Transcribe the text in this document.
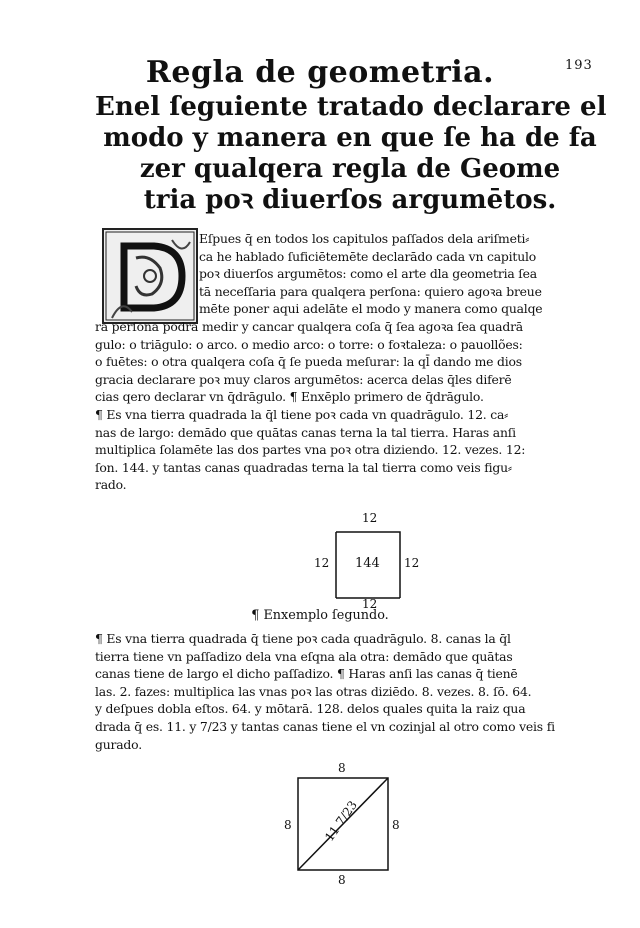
193
Regla de geometria.
Enel ſeguiente tratado declarare el
modo y manera en que ſe ha de fa
zer qualqera regla de Geome
tria poꝛ diuerſos argumētos.
Eſpues q̄ en todos los capitulos paſſados dela ariſmeti⸗
ca he hablado ſuficiētemēte declarādo cada vn capitulo
poꝛ diuerſos argumētos: como el arte dla geometria ſea
tā neceſſaria para qualqera perſona: quiero agoꝛa breue
mēte poner aqui adelāte el modo y manera como qualqe
ra perſona podra medir y cancar qualqera coſa q̄ ſea agoꝛa ſea quadrā
gulo: o triāgulo: o arco. o medio arco: o torre: o foꝛtaleza: o pauollões:
o fuētes: o otra qualqera coſa q̄ ſe pueda meſurar: la ql̄ dando me dios
gracia declarare poꝛ muy claros argumētos: acerca delas q̄les diferē
cias qero declarar vn q̄drāgulo. ¶ Enxēplo primero de q̄drāgulo.
¶ Es vna tierra quadrada la q̄l tiene poꝛ cada vn quadrāgulo. 12. ca⸗
nas de largo: demādo que quātas canas terna la tal tierra. Haras anſi
multiplica ſolamēte las dos partes vna poꝛ otra diziendo. 12. vezes. 12:
ſon. 144. y tantas canas quadradas terna la tal tierra como veis figu⸗
rado.
12
12	12
12
144
¶ Enxemplo ſegundo.
¶ Es vna tierra quadrada q̄ tiene poꝛ cada quadrāgulo. 8. canas la q̄l
tierra tiene vn paſſadizo dela vna eſqna ala otra: demādo que quātas
canas tiene de largo el dicho paſſadizo. ¶ Haras anſi las canas q̄ tienē
las. 2. fazes: multiplica las vnas poꝛ las otras diziēdo. 8. vezes. 8. ſō. 64.
y deſpues dobla eſtos. 64. y mōtarā. 128. delos quales quita la raiz qua
drada q̄ es. 11. y 7/23 y tantas canas tiene el vn cozinjal al otro como veis fi
gurado.
8
8	8
8
11 7/23
